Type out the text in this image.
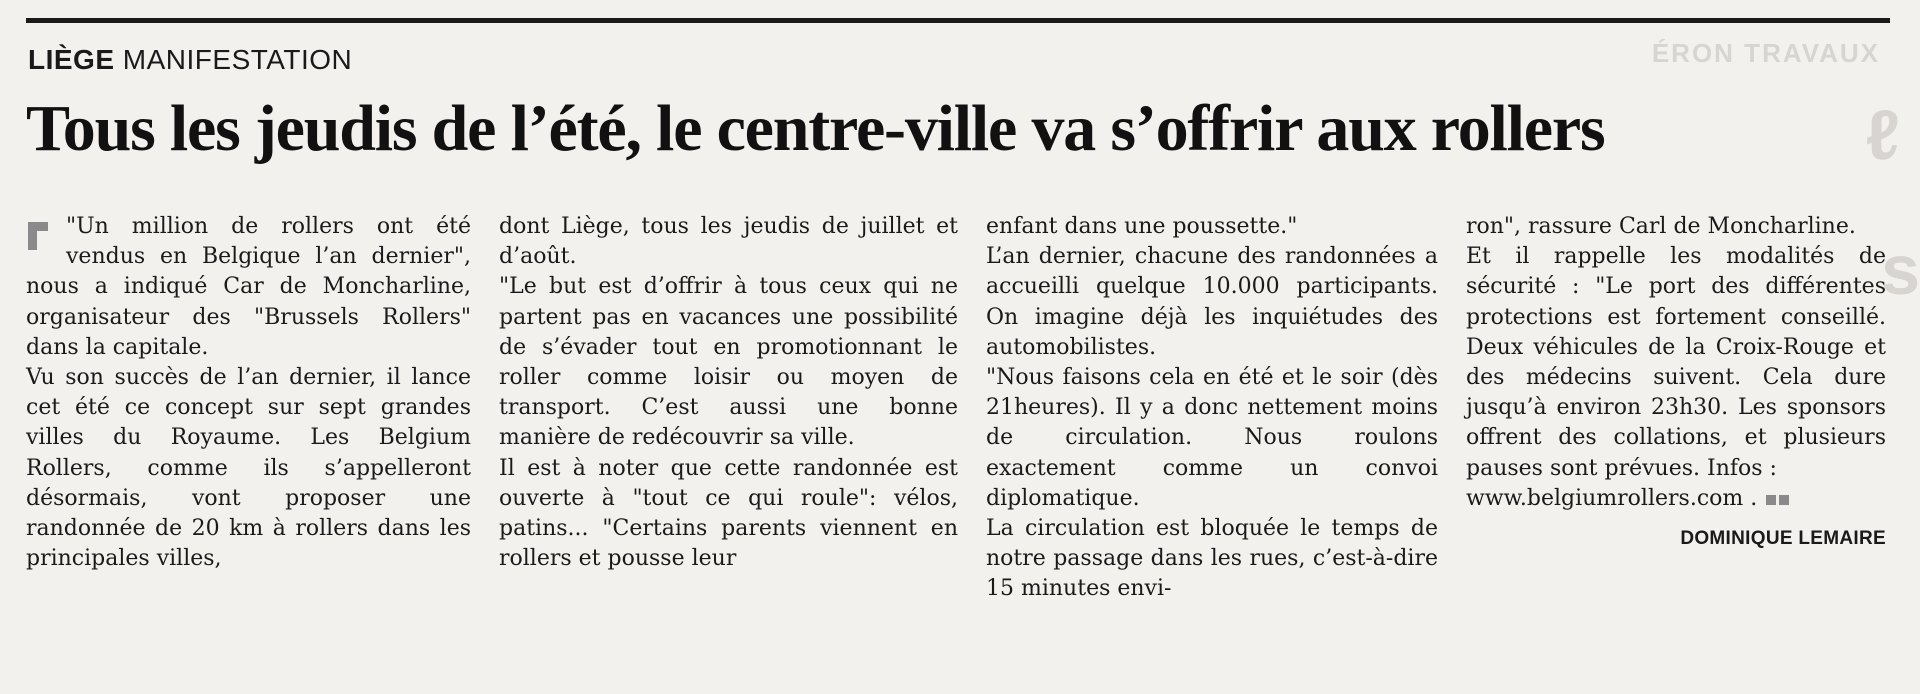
ÉRON TRAVAUX
ℓ
s
LIÈGE MANIFESTATION
Tous les jeudis de l’été, le centre-ville va s’offrir aux rollers

"Un million de rollers ont été vendus en Belgique l’an dernier", nous a indiqué Car de Moncharline, organisateur des "Brussels Rollers" dans la capitale.

Vu son succès de l’an dernier, il lance cet été ce concept sur sept grandes villes du Royaume. Les Belgium Rollers, comme ils s’appelleront désormais, vont proposer une randonnée de 20 km à rollers dans les principales villes,

dont Liège, tous les jeudis de juillet et d’août.

"Le but est d’offrir à tous ceux qui ne partent pas en vacances une possibilité de s’évader tout en promotionnant le roller comme loisir ou moyen de transport. C’est aussi une bonne manière de redécouvrir sa ville.

Il est à noter que cette randonnée est ouverte à "tout ce qui roule": vélos, patins... "Certains parents viennent en rollers et pousse leur

enfant dans une poussette."

L’an dernier, chacune des randonnées a accueilli quelque 10.000 participants. On imagine déjà les inquiétudes des automobilistes.

"Nous faisons cela en été et le soir (dès 21heures). Il y a donc nettement moins de circulation. Nous roulons exactement comme un convoi diplomatique.

La circulation est bloquée le temps de notre passage dans les rues, c’est-à-dire 15 minutes envi-

ron", rassure Carl de Moncharline.

Et il rappelle les modalités de sécurité : "Le port des différentes protections est fortement conseillé. Deux véhicules de la Croix-Rouge et des médecins suivent. Cela dure jusqu’à environ 23h30. Les sponsors offrent des collations, et plusieurs pauses sont prévues. Infos :

www.belgiumrollers.com .

DOMINIQUE LEMAIRE
